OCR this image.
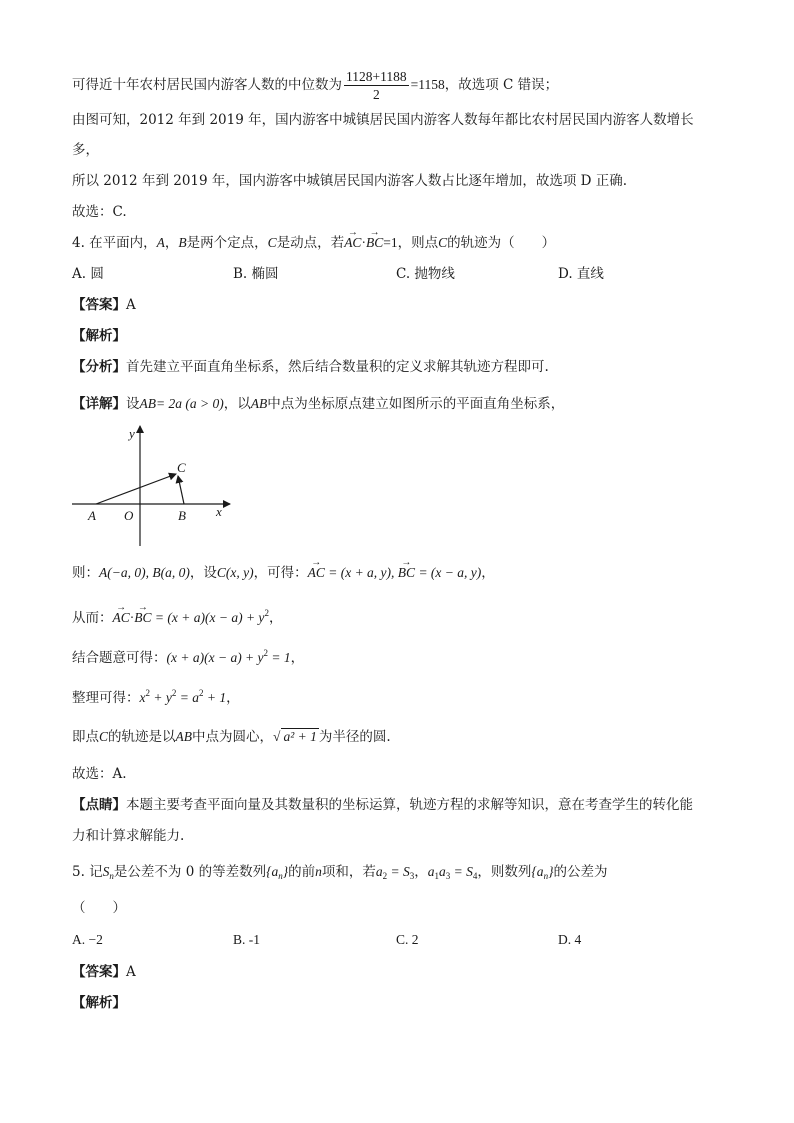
可得近十年农村居民国内游客人数的中位数为 $\frac{1128+1188}{2} =1158$，故选项 C 错误；
由图可知，2012 年到 2019 年，国内游客中城镇居民国内游客人数每年都比农村居民国内游客人数增长
多，
所以 2012 年到 2019 年，国内游客中城镇居民国内游客人数占比逐年增加，故选项 D 正确.
故选：C.
4. 在平面内，A，B是两个定点，C是动点，若→ AC·→ BC=1，则点C的轨迹为（　　）
A. 圆	B. 椭圆	C. 抛物线	D. 直线
【答案】A
【解析】
【分析】首先建立平面直角坐标系，然后结合数量积的定义求解其轨迹方程即可.
【详解】设AB= 2a (a > 0)，以AB中点为坐标原点建立如图所示的平面直角坐标系，
y
x
A O	B
C
则：A(−a, 0), B(a, 0)，设C(x, y)，可得：→ AC = (x + a, y), → BC = (x − a, y)，
从而：→ AC·→ BC = $(x + a)(x - a) + y^2$，
结合题意可得：$(x + a)(x - a) + y^2 = 1$，
整理可得：$x^2 + y^2 = a^2 + 1$，
即点C的轨迹是以AB中点为圆心，√ a² + 1 为半径的圆.
故选：A.
【点睛】本题主要考查平面向量及其数量积的坐标运算，轨迹方程的求解等知识，意在考查学生的转化能
力和计算求解能力.
5. 记$S_n$是公差不为 0 的等差数列$\{a_n\}$的前n项和，若$a_2 = S_3$，$a_1a_3 = S_4$，则数列$\{a_n\}$的公差为
（　　）
A. −2	B. -1	C. 2	D. 4
【答案】A
【解析】
